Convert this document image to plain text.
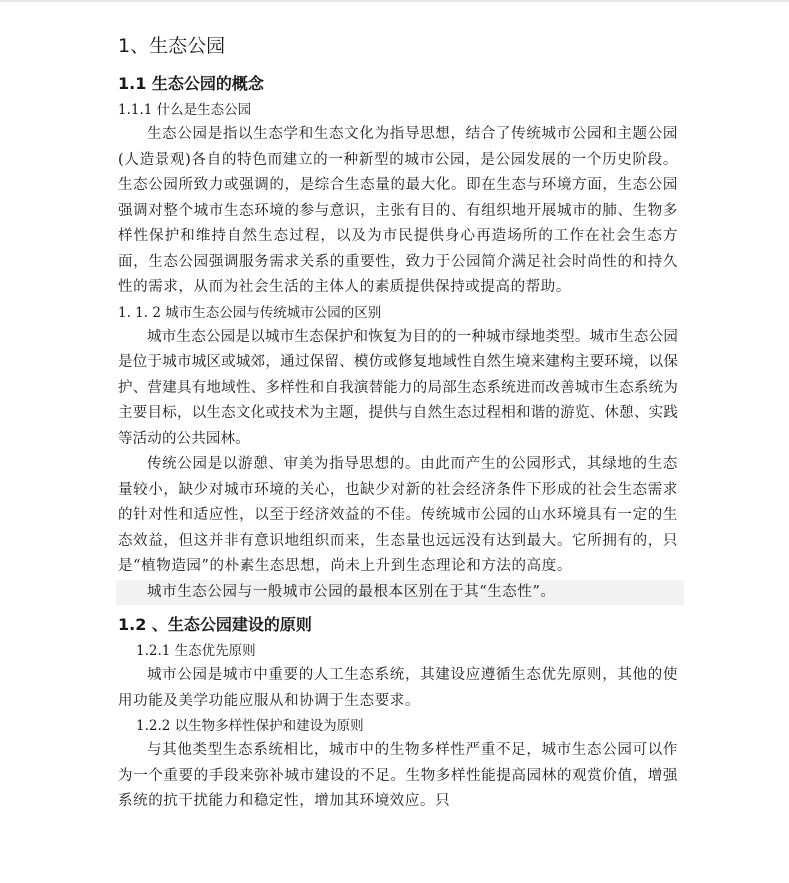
1、生态公园
1.1 生态公园的概念
1.1.1 什么是生态公园

生态公园是指以生态学和生态文化为指导思想，结合了传统城市公园和主题公园(人造景观)各自的特色而建立的一种新型的城市公园，是公园发展的一个历史阶段。生态公园所致力或强调的，是综合生态量的最大化。即在生态与环境方面，生态公园强调对整个城市生态环境的参与意识，主张有目的、有组织地开展城市的肺、生物多样性保护和维持自然生态过程，以及为市民提供身心再造场所的工作在社会生态方面，生态公园强调服务需求关系的重要性，致力于公园简介满足社会时尚性的和持久性的需求，从而为社会生活的主体人的素质提供保持或提高的帮助。

1. 1. 2 城市生态公园与传统城市公园的区别

城市生态公园是以城市生态保护和恢复为目的的一种城市绿地类型。城市生态公园是位于城市城区或城郊，通过保留、模仿或修复地域性自然生境来建构主要环境，以保护、营建具有地域性、多样性和自我演替能力的局部生态系统进而改善城市生态系统为主要目标，以生态文化或技术为主题，提供与自然生态过程相和谐的游览、休憩、实践等活动的公共园林。

传统公园是以游憩、审美为指导思想的。由此而产生的公园形式，其绿地的生态量较小，缺少对城市环境的关心，也缺少对新的社会经济条件下形成的社会生态需求的针对性和适应性，以至于经济效益的不佳。传统城市公园的山水环境具有一定的生态效益，但这并非有意识地组织而来，生态量也远远没有达到最大。它所拥有的，只是“植物造园”的朴素生态思想，尚未上升到生态理论和方法的高度。

城市生态公园与一般城市公园的最根本区别在于其“生态性”。

1.2 、生态公园建设的原则
1.2.1 生态优先原则

城市公园是城市中重要的人工生态系统，其建设应遵循生态优先原则，其他的使用功能及美学功能应服从和协调于生态要求。

1.2.2 以生物多样性保护和建设为原则

与其他类型生态系统相比，城市中的生物多样性严重不足，城市生态公园可以作为一个重要的手段来弥补城市建设的不足。生物多样性能提高园林的观赏价值，增强系统的抗干扰能力和稳定性，增加其环境效应。只
